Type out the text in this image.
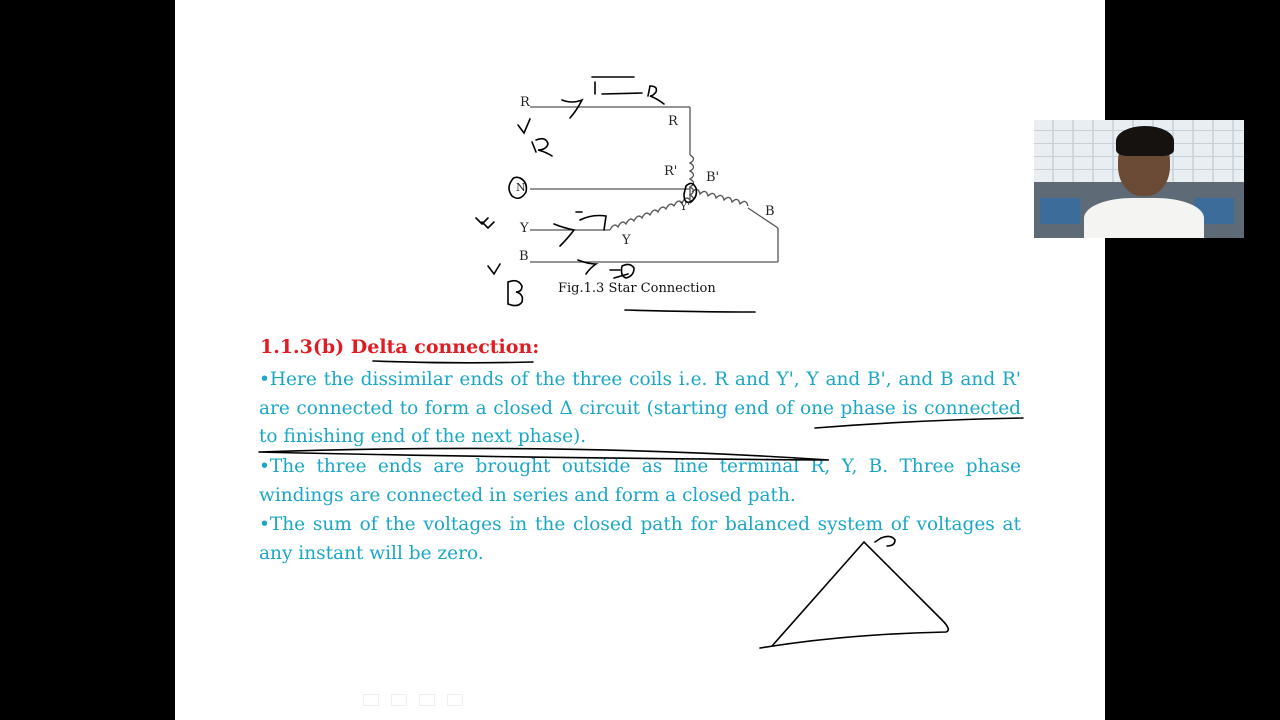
R
Y
B
R
R'
N
B'
Y'	B
Y
Fig.1.3 Star Connection
1.1.3(b) Delta connection:
•Here the dissimilar ends of the three coils i.e. R and Y', Y and B', and B and R' are connected to form a closed Δ circuit (starting end of one phase is connected to finishing end of the next phase).
•The three ends are brought outside as line terminal R, Y, B. Three phase windings are connected in series and form a closed path.
•The sum of the voltages in the closed path for balanced system of voltages at any instant will be zero.
